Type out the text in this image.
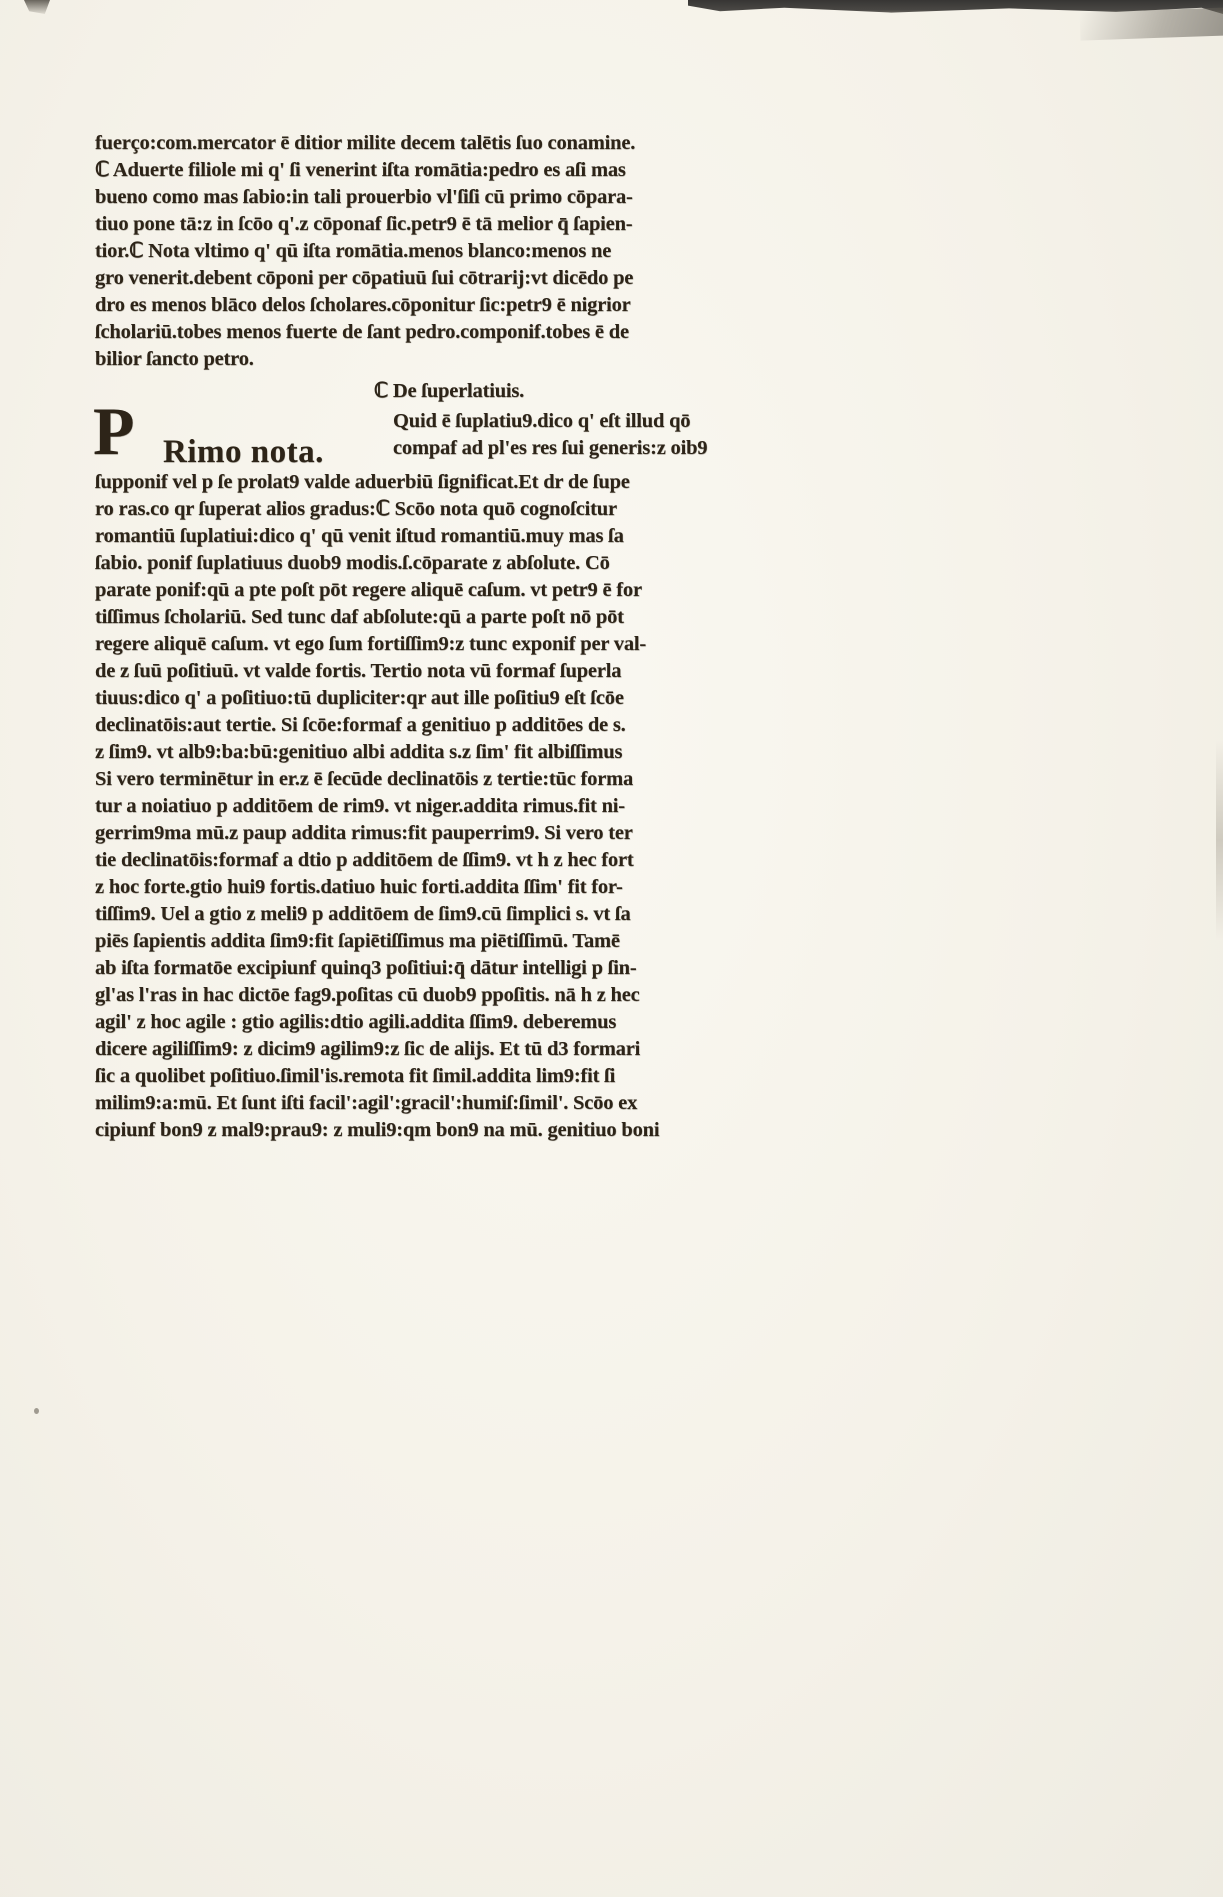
fuerço:com.mercator ē ditior milite decem talētis ſuo conamine.
ℂ Aduerte filiole mi q' ſi venerint iſta romātia:pedro es aſi mas
bueno como mas ſabio:in tali prouerbio vl'ſiſi cū primo cōpara-
tiuo pone tā:z in ſcōo q'.z cōponaf ſic.petr9 ē tā melior q̄ ſapien-
tior.ℂ Nota vltimo q' qū iſta romātia.menos blanco:menos ne
gro venerit.debent cōponi per cōpatiuū ſui cōtrarij:vt dicēdo pe
dro es menos blāco delos ſcholares.cōponitur ſic:petr9 ē nigrior
ſcholariū.tobes menos fuerte de ſant pedro.componif.tobes ē de
bilior ſancto petro.
ℂ De ſuperlatiuis.
P Rimo nota.
Quid ē ſuplatiu9.dico q' eſt illud qō
compaf ad pl'es res ſui generis:z oib9
ſupponif vel p ſe prolat9 valde aduerbiū ſignificat.Et dr de ſupe
ro ras.co qr ſuperat alios gradus:ℂ Scōo nota quō cognoſcitur
romantiū ſuplatiui:dico q' qū venit iſtud romantiū.muy mas ſa
ſabio. ponif ſuplatiuus duob9 modis.ſ.cōparate z abſolute. Cō
parate ponif:qū a pte poſt pōt regere aliquē caſum. vt petr9 ē for
tiſſimus ſcholariū. Sed tunc daf abſolute:qū a parte poſt nō pōt
regere aliquē caſum. vt ego ſum fortiſſim9:z tunc exponif per val-
de z ſuū poſitiuū. vt valde fortis. Tertio nota vū formaf ſuperla
tiuus:dico q' a poſitiuo:tū dupliciter:qr aut ille poſitiu9 eſt ſcōe
declinatōis:aut tertie. Si ſcōe:formaf a genitiuo p additōes de s.
z ſim9. vt alb9:ba:bū:genitiuo albi addita s.z ſim' fit albiſſimus
Si vero terminētur in er.z ē ſecūde declinatōis z tertie:tūc forma
tur a noiatiuo p additōem de rim9. vt niger.addita rimus.fit ni-
gerrim9ma mū.z paup addita rimus:fit pauperrim9. Si vero ter
tie declinatōis:formaf a dtio p additōem de ſſim9. vt h z hec fort
z hoc forte.gtio hui9 fortis.datiuo huic forti.addita ſſim' fit for-
tiſſim9. Uel a gtio z meli9 p additōem de ſim9.cū ſimplici s. vt ſa
piēs ſapientis addita ſim9:fit ſapiētiſſimus ma piētiſſimū. Tamē
ab iſta formatōe excipiunf quinq3 poſitiui:q̄ dātur intelligi p ſin-
gl'as l'ras in hac dictōe fag9.poſitas cū duob9 ppoſitis. nā h z hec
agil' z hoc agile : gtio agilis:dtio agili.addita ſſim9. deberemus
dicere agiliſſim9: z dicim9 agilim9:z ſic de alijs. Et tū d3 formari
ſic a quolibet poſitiuo.ſimil'is.remota fit ſimil.addita lim9:fit ſi
milim9:a:mū. Et ſunt iſti facil':agil':gracil':humiſ:ſimil'. Scōo ex
cipiunf bon9 z mal9:prau9: z muli9:qm bon9 na mū. genitiuo boni
